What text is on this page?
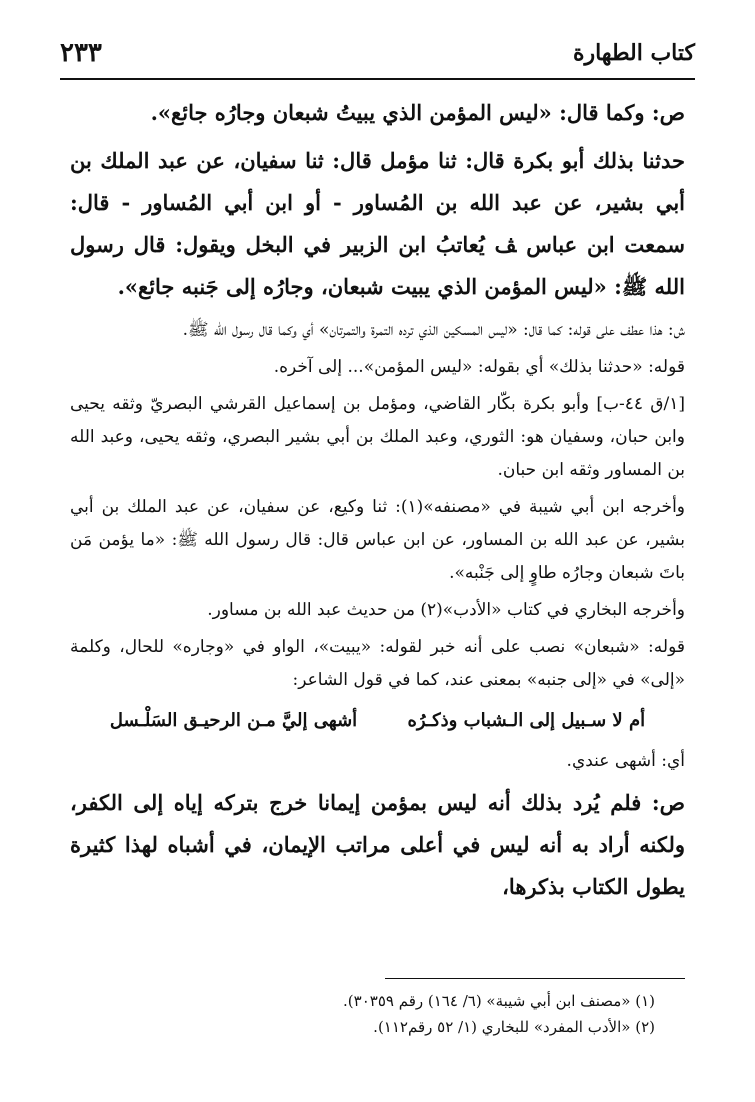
كتاب الطهارة
٢٣٣

ص: وكما قال: «ليس المؤمن الذي يبيتُ شبعان وجارُه جائع».

حدثنا بذلك أبو بكرة قال: ثنا مؤمل قال: ثنا سفيان، عن عبد الملك بن أبي بشير، عن عبد الله بن المُساور - أو ابن أبي المُساور - قال: سمعت ابن عباس ﭫ يُعاتبُ ابن الزبير في البخل ويقول: قال رسول الله ﷺ: «ليس المؤمن الذي يبيت شبعان، وجارُه إلى جَنبه جائع».

ش: هذا عطف على قوله: كما قال: «ليس المسكين الذي ترده التمرة والتمرتان» أي وكما قال رسول الله ﷺ.

قوله: «حدثنا بذلك» أي بقوله: «ليس المؤمن»... إلى آخره.

[١/ق ٤٤-ب] وأبو بكرة بكّار القاضي، ومؤمل بن إسماعيل القرشي البصريّ وثقه يحيى وابن حبان، وسفيان هو: الثوري، وعبد الملك بن أبي بشير البصري، وثقه يحيى، وعبد الله بن المساور وثقه ابن حبان.

وأخرجه ابن أبي شيبة في «مصنفه»(١): ثنا وكيع، عن سفيان، عن عبد الملك بن أبي بشير، عن عبد الله بن المساور، عن ابن عباس قال: قال رسول الله ﷺ: «ما يؤمن مَن باتَ شبعان وجارُه طاوٍ إلى جَنْبه».

وأخرجه البخاري في كتاب «الأدب»(٢) من حديث عبد الله بن مساور.

قوله: «شبعان» نصب على أنه خبر لقوله: «يبيت»، الواو في «وجاره» للحال، وكلمة «إلى» في «إلى جنبه» بمعنى عند، كما في قول الشاعر:

أم لا سـبيل إلى الـشباب وذكـرُه أشهى إليَّ مـن الرحيـق السَلْـسل

أي: أشهى عندي.

ص: فلم يُرد بذلك أنه ليس بمؤمن إيمانا خرج بتركه إياه إلى الكفر، ولكنه أراد به أنه ليس في أعلى مراتب الإيمان، في أشباه لهذا كثيرة يطول الكتاب بذكرها،

(١) «مصنف ابن أبي شيبة» (٦/ ١٦٤) رقم ٣٠٣٥٩).
(٢) «الأدب المفرد» للبخاري (١/ ٥٢ رقم١١٢).
